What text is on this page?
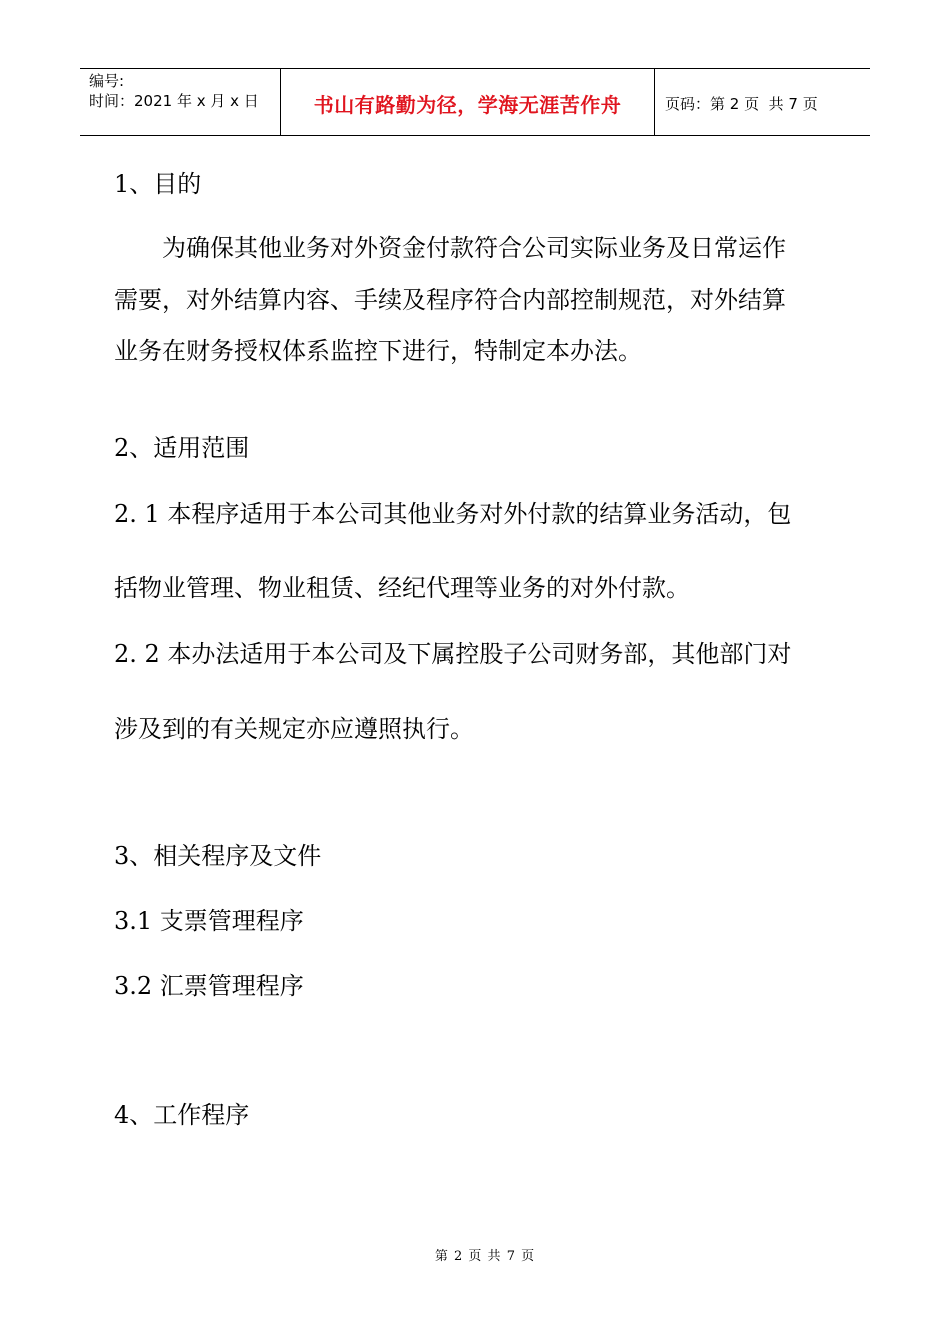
编号:
时间：2021 年 x 月 x 日	书山有路勤为径，学海无涯苦作舟	页码：第 2 页  共 7 页

1、目的

为确保其他业务对外资金付款符合公司实际业务及日常运作

需要，对外结算内容、手续及程序符合内部控制规范，对外结算

业务在财务授权体系监控下进行，特制定本办法。

2、适用范围

2. 1 本程序适用于本公司其他业务对外付款的结算业务活动，包

括物业管理、物业租赁、经纪代理等业务的对外付款。

2. 2 本办法适用于本公司及下属控股子公司财务部，其他部门对

涉及到的有关规定亦应遵照执行。

3、相关程序及文件

3.1 支票管理程序

3.2 汇票管理程序

4、工作程序

第 2 页 共 7 页
